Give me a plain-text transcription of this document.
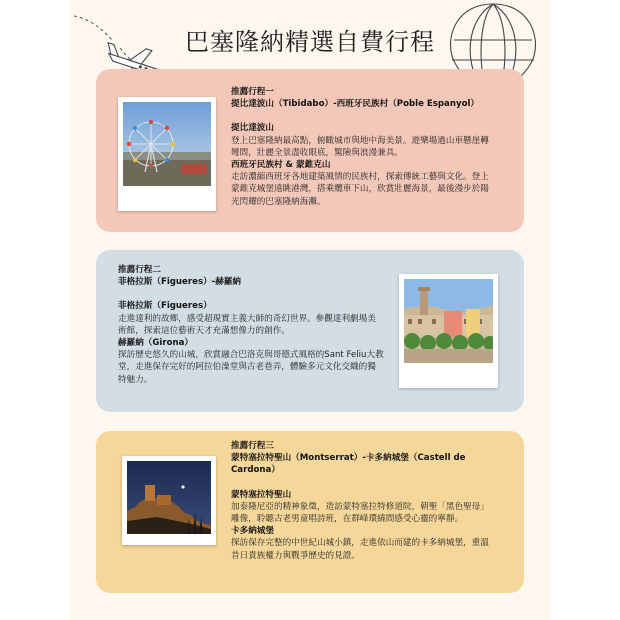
巴塞隆納精選自費行程

推薦行程一

提比達波山（Tibidabo）-西班牙民族村（Poble Espanyol）

提比達波山

登上巴塞隆納最高點，俯瞰城市與地中海美景。遊樂場過山車懸崖轉彎間，壯麗全景盡收眼底，驚險與浪漫兼具。

西班牙民族村 & 蒙錐克山

走訪濃縮西班牙各地建築風情的民族村，探索傳統工藝與文化。登上蒙錐克城堡遠眺港灣，搭乘纜車下山，欣賞壯麗海景，最後漫步於陽光閃耀的巴塞隆納海灘。

推薦行程二

菲格拉斯（Figueres）-赫羅納

菲格拉斯（Figueres）

走進達利的故鄉，感受超現實主義大師的奇幻世界。參觀達利劇場美術館，探索這位藝術天才充滿想像力的創作。

赫羅納（Girona）

探訪歷史悠久的山城，欣賞融合巴洛克與哥德式風格的Sant Feliu大教堂，走進保存完好的阿拉伯澡堂與古老巷弄，體驗多元文化交織的獨特魅力。

推薦行程三

蒙特塞拉特聖山（Montserrat）-卡多納城堡（Castell de Cardona）

蒙特塞拉特聖山

加泰隆尼亞的精神象徵，造訪蒙特塞拉特修道院，朝聖「黑色聖母」雕像，聆聽古老男童唱詩班，在群峰環繞間感受心靈的寧靜。

卡多納城堡

探訪保存完整的中世紀山城小鎮，走進依山而建的卡多納城堡，重溫昔日貴族權力與戰爭歷史的見證。
